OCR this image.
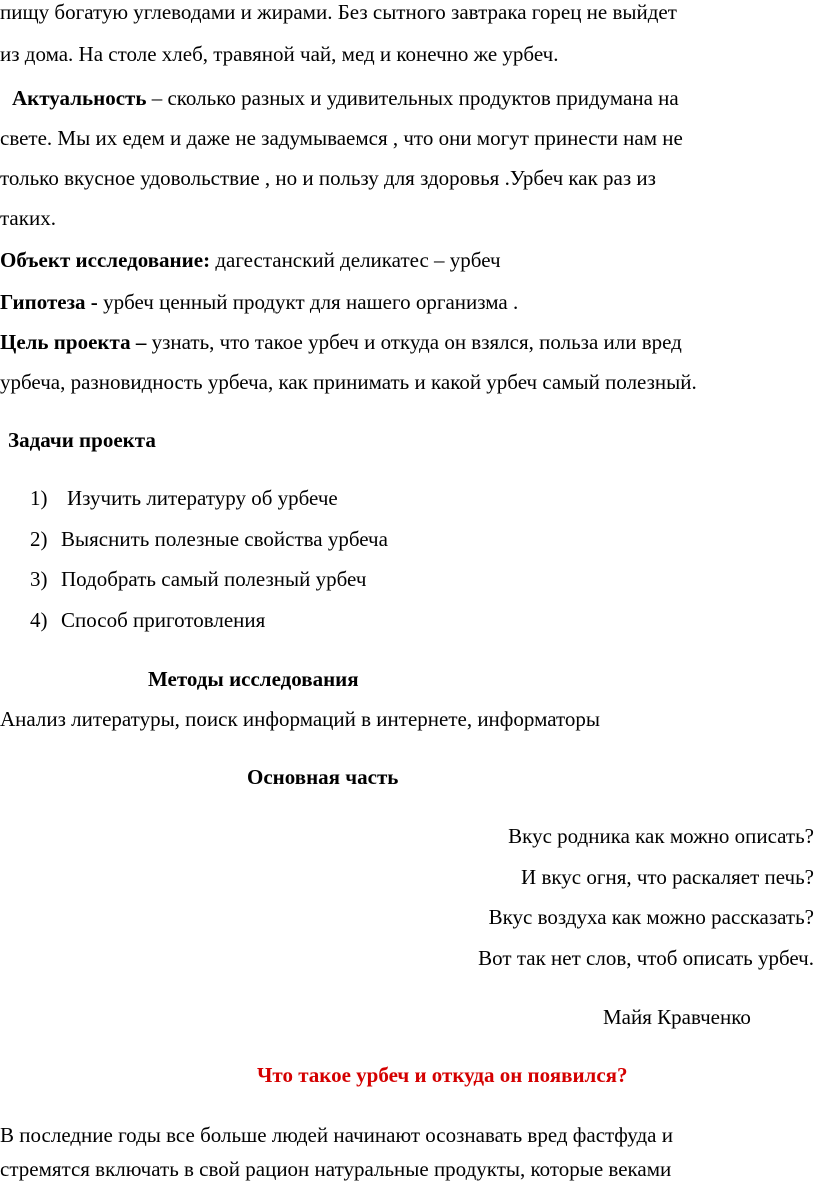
пищу богатую углеводами и жирами. Без сытного завтрака горец не выйдет
из дома. На столе хлеб, травяной чай, мед и конечно же урбеч.
Актуальность – сколько разных и удивительных продуктов придумана на
свете. Мы их едем и даже не задумываемся , что они могут принести нам не
только вкусное удовольствие , но и пользу для здоровья .Урбеч как раз из
таких.
Объект исследование: дагестанский деликатес – урбеч
Гипотеза - урбеч ценный продукт для нашего организма .
Цель проекта – узнать, что такое урбеч и откуда он взялся, польза или вред
урбеча, разновидность урбеча, как принимать и какой урбеч самый полезный.
Задачи проекта
1) Изучить литературу об урбече
2) Выяснить полезные свойства урбеча
3) Подобрать самый полезный урбеч
4) Способ приготовления
Методы исследования
Анализ литературы, поиск информаций в интернете, информаторы
Основная часть
Вкус родника как можно описать?
И вкус огня, что раскаляет печь?
Вкус воздуха как можно рассказать?
Вот так нет слов, чтоб описать урбеч.
Майя Кравченко
Что такое урбеч и откуда он появился?
В последние годы все больше людей начинают осознавать вред фастфуда и
стремятся включать в свой рацион натуральные продукты, которые веками
